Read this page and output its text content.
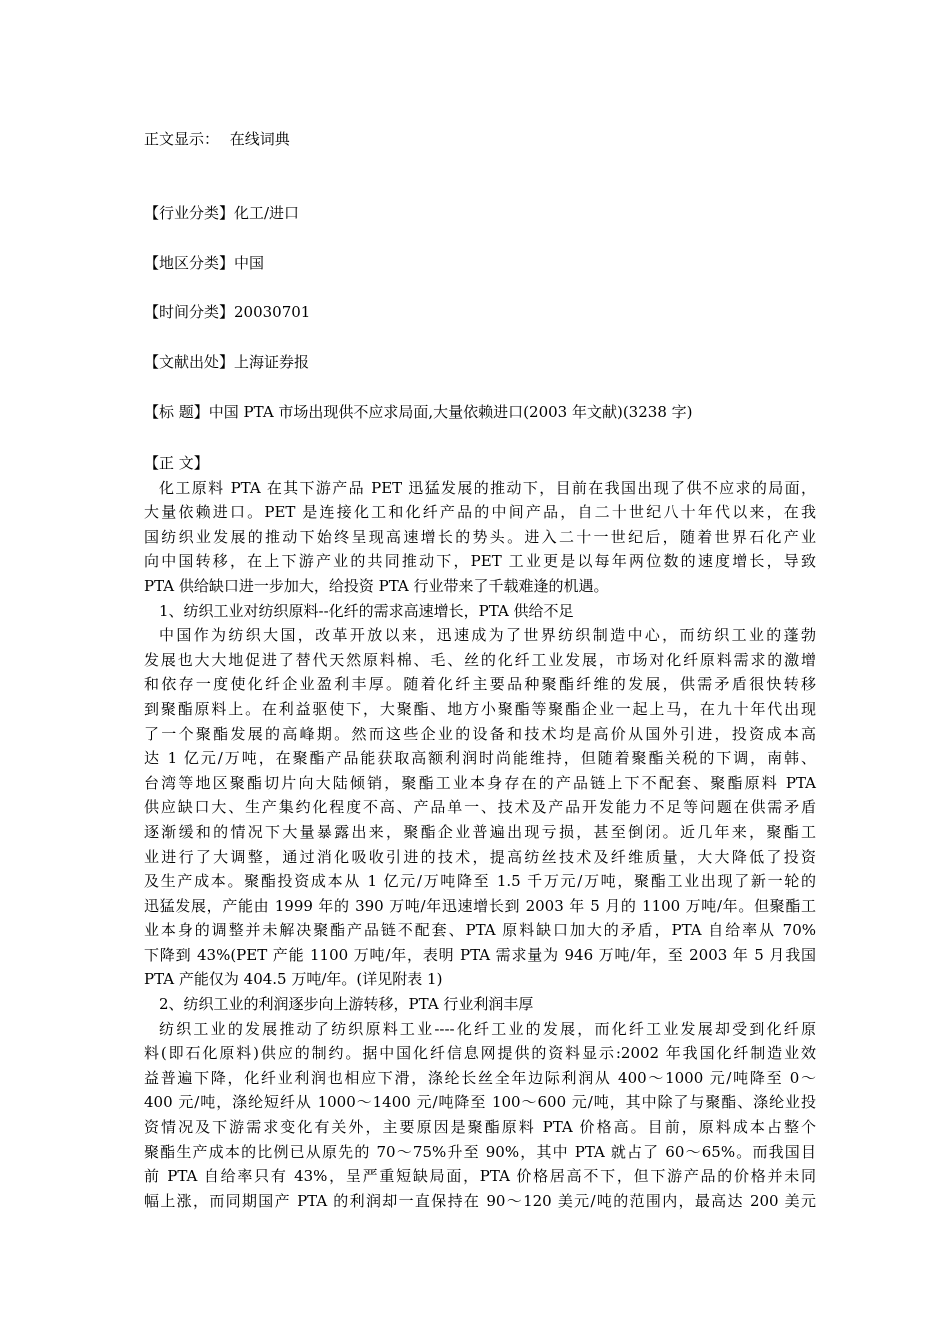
正文显示： 在线词典

【行业分类】化工/进口

【地区分类】中国

【时间分类】20030701

【文献出处】上海证券报

【标 题】中国 PTA 市场出现供不应求局面,大量依赖进口(2003 年文献)(3238 字)

【正 文】

化工原料 PTA 在其下游产品 PET 迅猛发展的推动下，目前在我国出现了供不应求的局面，

大量依赖进口。PET 是连接化工和化纤产品的中间产品，自二十世纪八十年代以来，在我

国纺织业发展的推动下始终呈现高速增长的势头。进入二十一世纪后，随着世界石化产业

向中国转移，在上下游产业的共同推动下，PET 工业更是以每年两位数的速度增长，导致

PTA 供给缺口进一步加大，给投资 PTA 行业带来了千载难逢的机遇。

1、纺织工业对纺织原料--化纤的需求高速增长，PTA 供给不足

中国作为纺织大国，改革开放以来，迅速成为了世界纺织制造中心，而纺织工业的蓬勃

发展也大大地促进了替代天然原料棉、毛、丝的化纤工业发展，市场对化纤原料需求的激增

和依存一度使化纤企业盈利丰厚。随着化纤主要品种聚酯纤维的发展，供需矛盾很快转移

到聚酯原料上。在利益驱使下，大聚酯、地方小聚酯等聚酯企业一起上马，在九十年代出现

了一个聚酯发展的高峰期。然而这些企业的设备和技术均是高价从国外引进，投资成本高

达 1 亿元/万吨，在聚酯产品能获取高额利润时尚能维持，但随着聚酯关税的下调，南韩、

台湾等地区聚酯切片向大陆倾销，聚酯工业本身存在的产品链上下不配套、聚酯原料 PTA

供应缺口大、生产集约化程度不高、产品单一、技术及产品开发能力不足等问题在供需矛盾

逐渐缓和的情况下大量暴露出来，聚酯企业普遍出现亏损，甚至倒闭。近几年来，聚酯工

业进行了大调整，通过消化吸收引进的技术，提高纺丝技术及纤维质量，大大降低了投资

及生产成本。聚酯投资成本从 1 亿元/万吨降至 1.5 千万元/万吨，聚酯工业出现了新一轮的

迅猛发展，产能由 1999 年的 390 万吨/年迅速增长到 2003 年 5 月的 1100 万吨/年。但聚酯工

业本身的调整并未解决聚酯产品链不配套、PTA 原料缺口加大的矛盾，PTA 自给率从 70%

下降到 43%(PET 产能 1100 万吨/年，表明 PTA 需求量为 946 万吨/年，至 2003 年 5 月我国

PTA 产能仅为 404.5 万吨/年。(详见附表 1)

2、纺织工业的利润逐步向上游转移，PTA 行业利润丰厚

纺织工业的发展推动了纺织原料工业----化纤工业的发展，而化纤工业发展却受到化纤原

料(即石化原料)供应的制约。据中国化纤信息网提供的资料显示:2002 年我国化纤制造业效

益普遍下降，化纤业利润也相应下滑，涤纶长丝全年边际利润从 400～1000 元/吨降至 0～

400 元/吨，涤纶短纤从 1000～1400 元/吨降至 100～600 元/吨，其中除了与聚酯、涤纶业投

资情况及下游需求变化有关外，主要原因是聚酯原料 PTA 价格高。目前，原料成本占整个

聚酯生产成本的比例已从原先的 70～75%升至 90%，其中 PTA 就占了 60～65%。而我国目

前 PTA 自给率只有 43%，呈严重短缺局面，PTA 价格居高不下，但下游产品的价格并未同

幅上涨，而同期国产 PTA 的利润却一直保持在 90～120 美元/吨的范围内，最高达 200 美元
